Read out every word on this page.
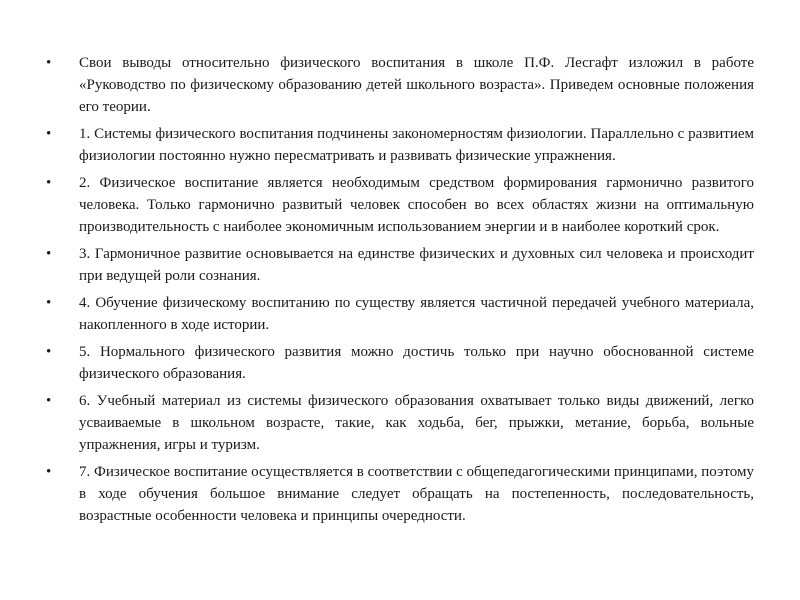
•	Свои выводы относительно физического воспитания в школе П.Ф. Лесгафт изложил в работе «Руководство по физическому образованию детей школьного возраста». Приведем основные положения его теории.
•	1. Системы физического воспитания подчинены закономерностям физиологии. Параллельно с развитием физиологии постоянно нужно пересматривать и развивать физические упражнения.
•	2. Физическое воспитание является необходимым средством формирования гармонично развитого человека. Только гармонично развитый человек способен во всех областях жизни на оптимальную производительность с наиболее экономичным использованием энергии и в наиболее короткий срок.
•	3. Гармоничное развитие основывается на единстве физических и духовных сил человека и происходит при ведущей роли сознания.
•	4. Обучение физическому воспитанию по существу является частичной передачей учебного материала, накопленного в ходе истории.
•	5. Нормального физического развития можно достичь только при научно обоснованной системе физического образования.
•	6. Учебный материал из системы физического образования охватывает только виды движений, легко усваиваемые в школьном возрасте, такие, как ходьба, бег, прыжки, метание, борьба, вольные упражнения, игры и туризм.
•	7. Физическое воспитание осуществляется в соответствии с общепедагогическими принципами, поэтому в ходе обучения большое внимание следует обращать на постепенность, последовательность, возрастные особенности человека и принципы очередности.
